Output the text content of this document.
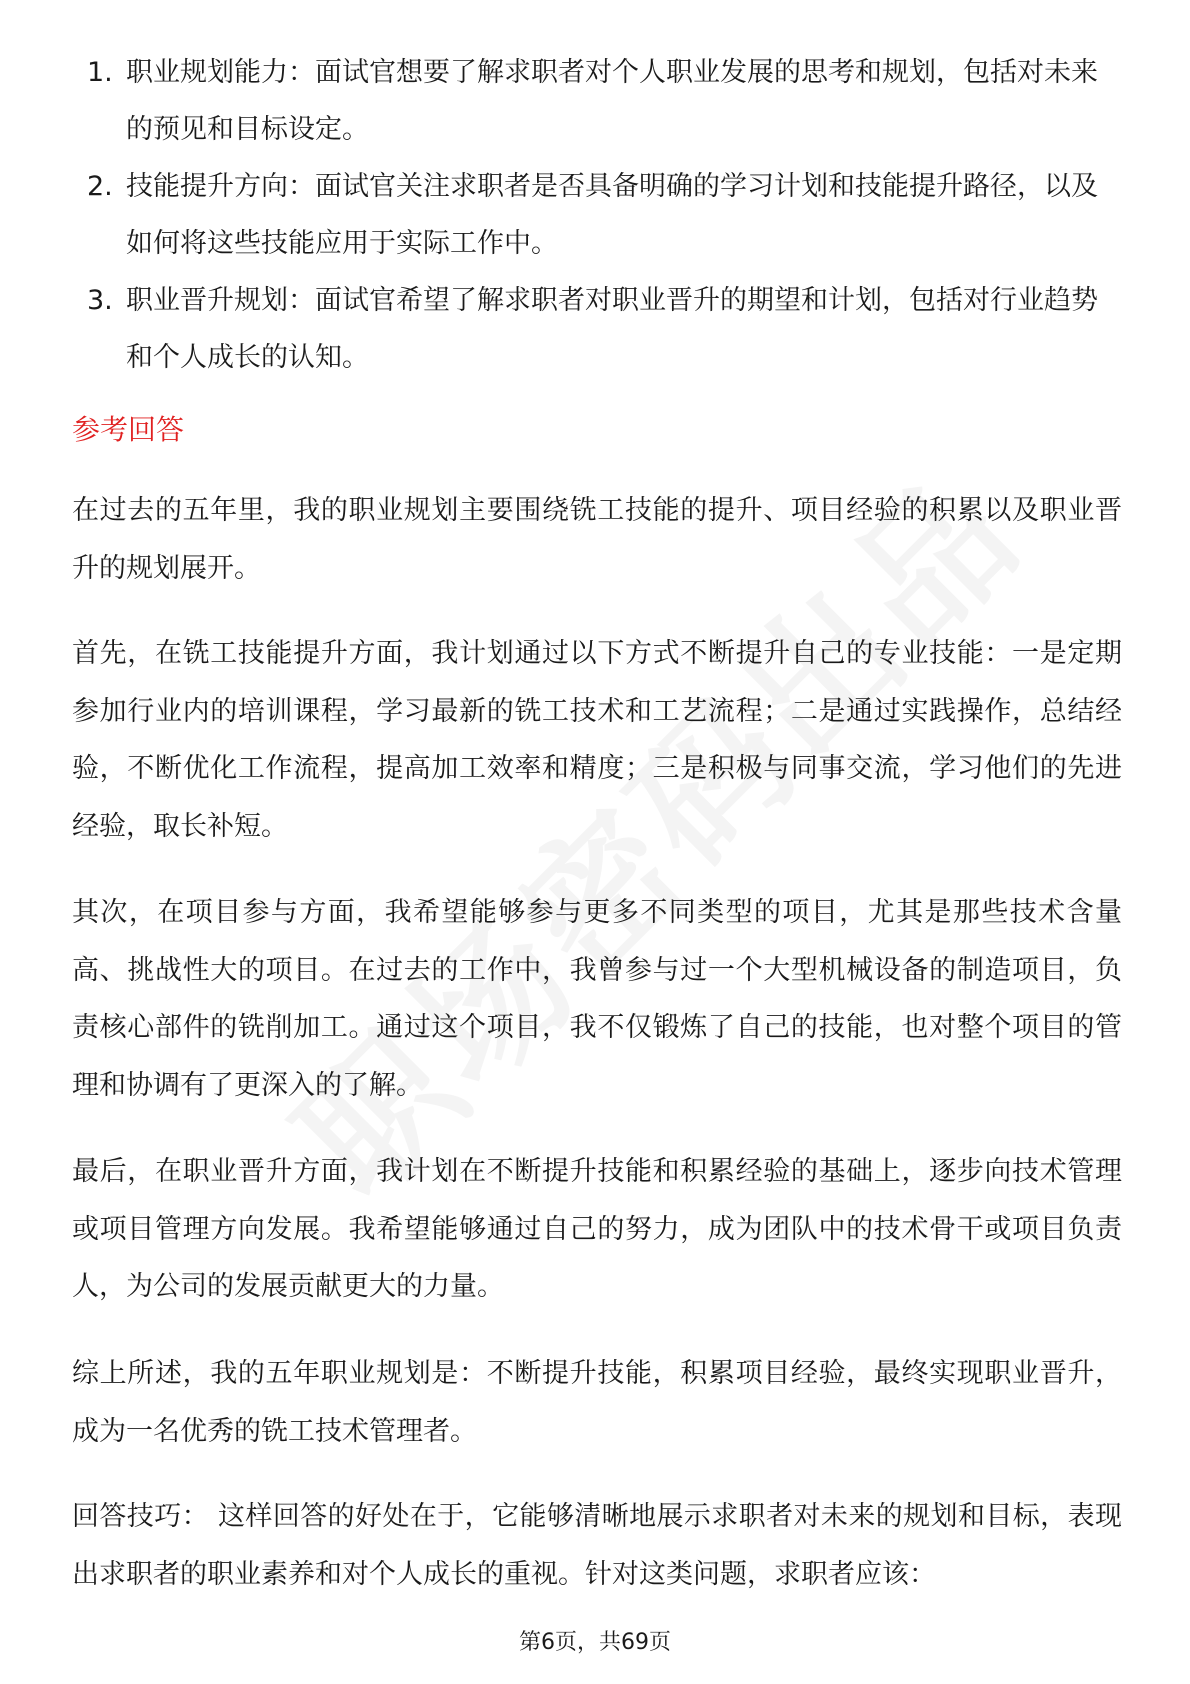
1. 职业规划能力：面试官想要了解求职者对个人职业发展的思考和规划，包括对未来的预见和目标设定。
2. 技能提升方向：面试官关注求职者是否具备明确的学习计划和技能提升路径，以及如何将这些技能应用于实际工作中。
3. 职业晋升规划：面试官希望了解求职者对职业晋升的期望和计划，包括对行业趋势和个人成长的认知。
参考回答

在过去的五年里，我的职业规划主要围绕铣工技能的提升、项目经验的积累以及职业晋升的规划展开。

首先，在铣工技能提升方面，我计划通过以下方式不断提升自己的专业技能：一是定期参加行业内的培训课程，学习最新的铣工技术和工艺流程；二是通过实践操作，总结经验，不断优化工作流程，提高加工效率和精度；三是积极与同事交流，学习他们的先进经验，取长补短。

其次，在项目参与方面，我希望能够参与更多不同类型的项目，尤其是那些技术含量高、挑战性大的项目。在过去的工作中，我曾参与过一个大型机械设备的制造项目，负责核心部件的铣削加工。通过这个项目，我不仅锻炼了自己的技能，也对整个项目的管理和协调有了更深入的了解。

最后，在职业晋升方面，我计划在不断提升技能和积累经验的基础上，逐步向技术管理或项目管理方向发展。我希望能够通过自己的努力，成为团队中的技术骨干或项目负责人，为公司的发展贡献更大的力量。

综上所述，我的五年职业规划是：不断提升技能，积累项目经验，最终实现职业晋升，成为一名优秀的铣工技术管理者。

回答技巧： 这样回答的好处在于，它能够清晰地展示求职者对未来的规划和目标，表现出求职者的职业素养和对个人成长的重视。针对这类问题，求职者应该：

第6页，共69页
